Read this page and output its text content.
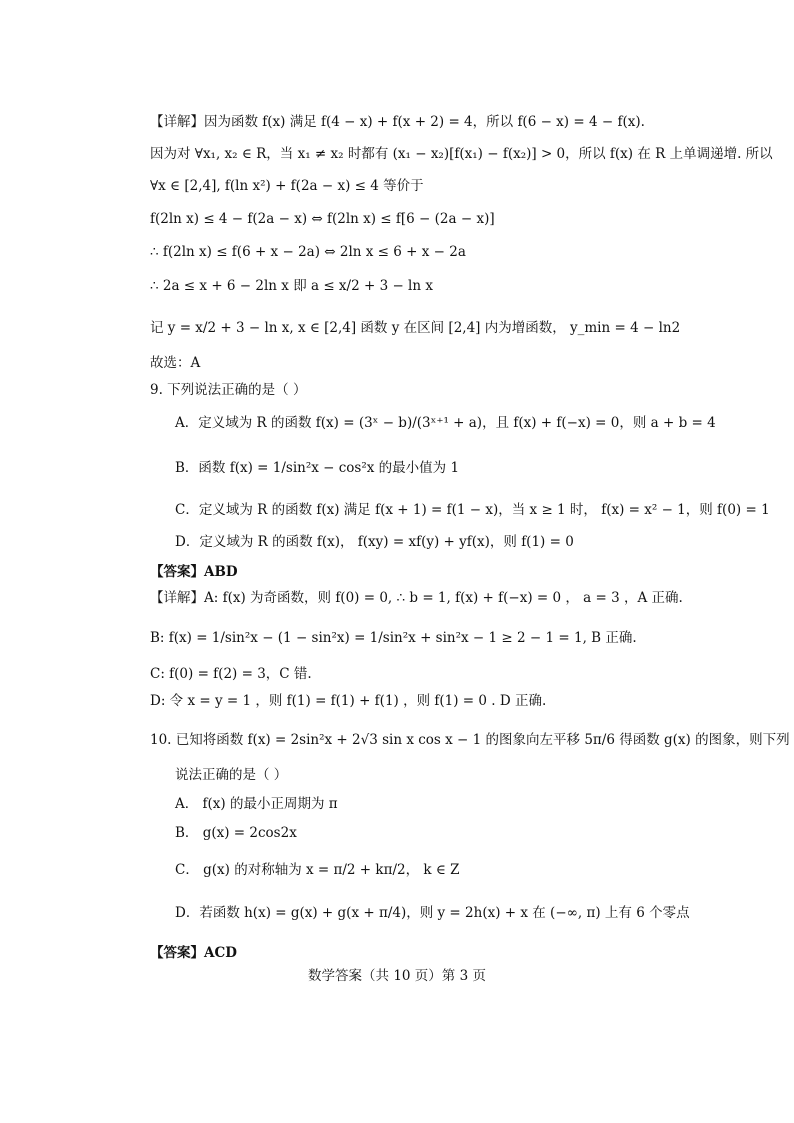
【详解】因为函数 f(x) 满足 f(4 − x) + f(x + 2) = 4，所以 f(6 − x) = 4 − f(x).
因为对 ∀x₁, x₂ ∈ R，当 x₁ ≠ x₂ 时都有 (x₁ − x₂)[f(x₁) − f(x₂)] > 0，所以 f(x) 在 R 上单调递增. 所以
∀x ∈ [2,4], f(ln x²) + f(2a − x) ≤ 4 等价于
f(2ln x) ≤ 4 − f(2a − x) ⇔ f(2ln x) ≤ f[6 − (2a − x)]
∴ f(2ln x) ≤ f(6 + x − 2a) ⇔ 2ln x ≤ 6 + x − 2a
∴ 2a ≤ x + 6 − 2ln x 即 a ≤ x/2 + 3 − ln x
记 y = x/2 + 3 − ln x, x ∈ [2,4] 函数 y 在区间 [2,4] 内为增函数， y_min = 4 − ln2
故选：A
9. 下列说法正确的是（ ）
A．定义域为 R 的函数 f(x) = (3ˣ − b)/(3ˣ⁺¹ + a)，且 f(x) + f(−x) = 0，则 a + b = 4
B．函数 f(x) = 1/sin²x − cos²x 的最小值为 1
C．定义域为 R 的函数 f(x) 满足 f(x + 1) = f(1 − x)，当 x ≥ 1 时， f(x) = x² − 1，则 f(0) = 1
D．定义域为 R 的函数 f(x)， f(xy) = xf(y) + yf(x)，则 f(1) = 0
【答案】ABD
【详解】A: f(x) 为奇函数，则 f(0) = 0, ∴ b = 1, f(x) + f(−x) = 0 ， a = 3 ，A 正确.
B: f(x) = 1/sin²x − (1 − sin²x) = 1/sin²x + sin²x − 1 ≥ 2 − 1 = 1, B 正确.
C: f(0) = f(2) = 3，C 错.
D: 令 x = y = 1 ，则 f(1) = f(1) + f(1) ，则 f(1) = 0 . D 正确.
10. 已知将函数 f(x) = 2sin²x + 2√3 sin x cos x − 1 的图象向左平移 5π/6 得函数 g(x) 的图象，则下列
说法正确的是（ ）
A． f(x) 的最小正周期为 π
B． g(x) = 2cos2x
C． g(x) 的对称轴为 x = π/2 + kπ/2， k ∈ Z
D．若函数 h(x) = g(x) + g(x + π/4)，则 y = 2h(x) + x 在 (−∞, π) 上有 6 个零点
【答案】ACD
数学答案（共 10 页）第 3 页
